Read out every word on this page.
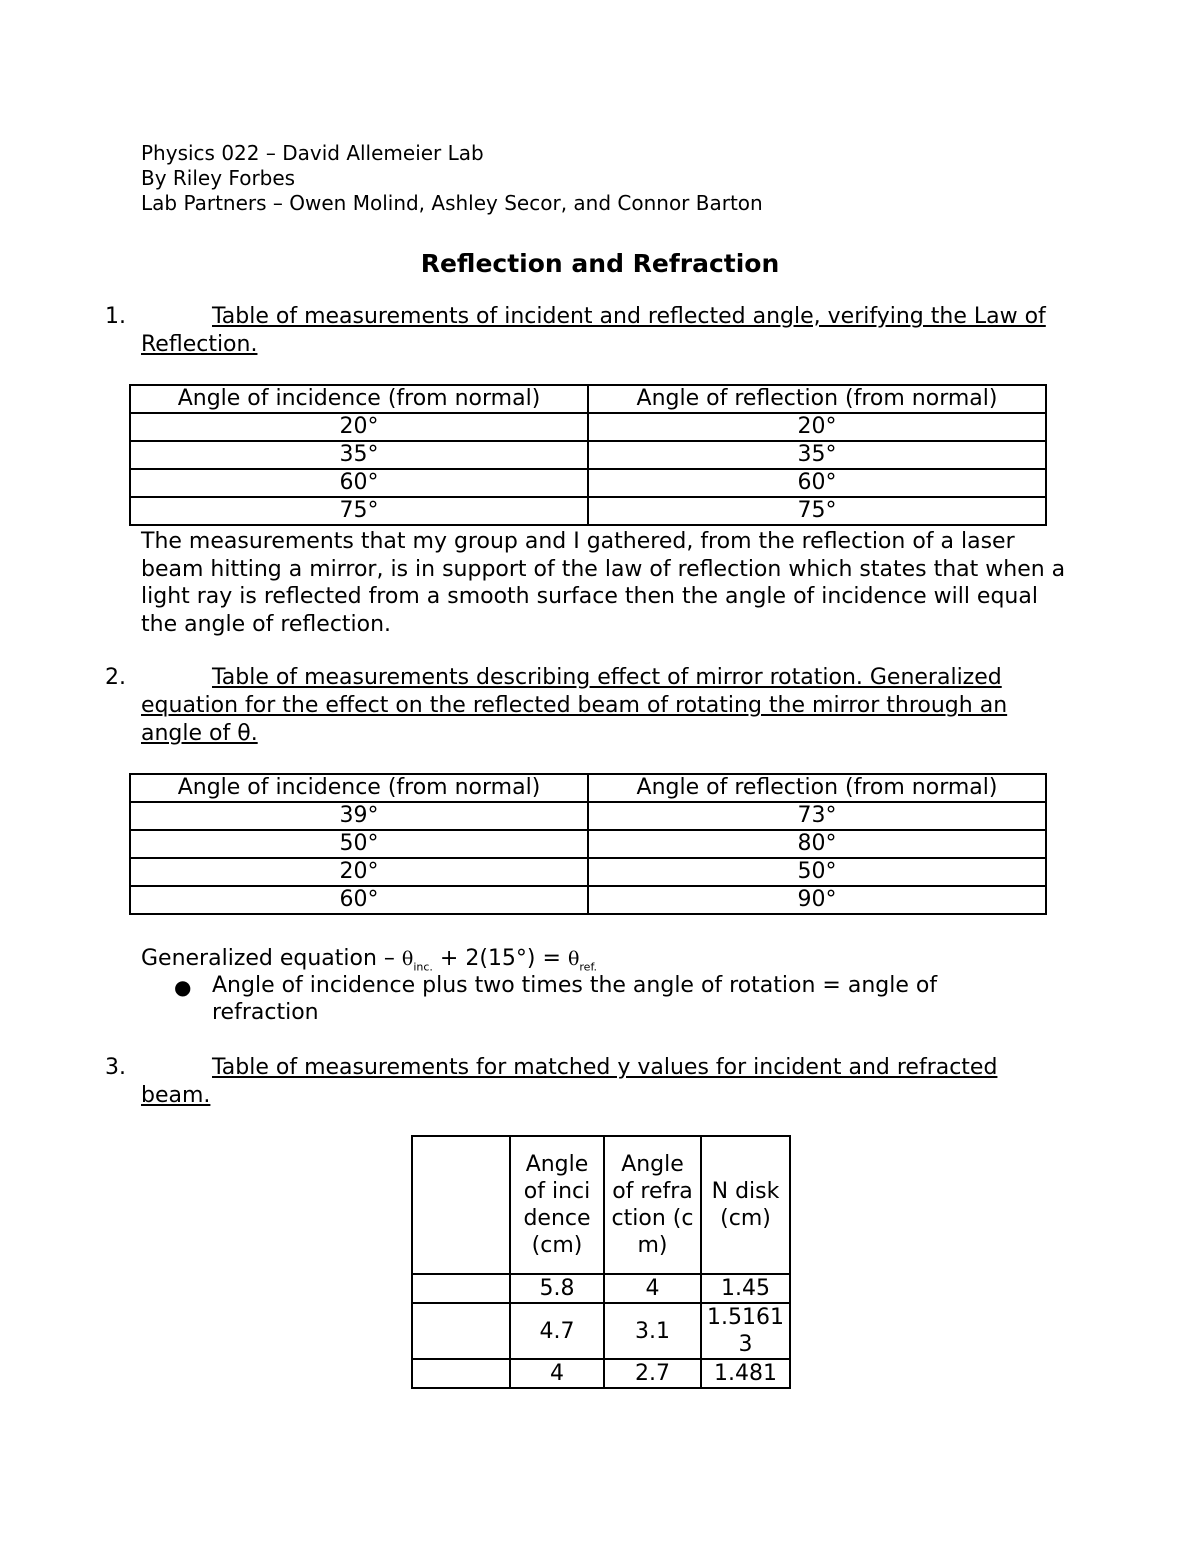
Physics 022 – David Allemeier Lab
By Riley Forbes
Lab Partners – Owen Molind, Ashley Secor, and Connor Barton
Reflection and Refraction
1.	Table of measurements of incident and reflected angle, verifying the Law of Reflection.
Angle of incidence (from normal)	Angle of reflection (from normal)
20°	20°
35°	35°
60°	60°
75°	75°
The measurements that my group and I gathered, from the reflection of a laser beam hitting a mirror, is in support of the law of reflection which states that when a light ray is reflected from a smooth surface then the angle of incidence will equal the angle of reflection.
2.	Table of measurements describing effect of mirror rotation. Generalized equation for the effect on the reflected beam of rotating the mirror through an angle of θ.
Angle of incidence (from normal)	Angle of reflection (from normal)
39°	73°
50°	80°
20°	50°
60°	90°
Generalized equation – $\theta_{inc.} + 2(15^\circ) = \theta_{ref.}$
● Angle of incidence plus two times the angle of rotation = angle of refraction
3.	Table of measurements for matched y values for incident and refracted beam.
	Angle of incidence (cm)	Angle of refraction (cm)	N disk (cm)
	5.8	4	1.45
	4.7	3.1	1.51613
	4	2.7	1.481
